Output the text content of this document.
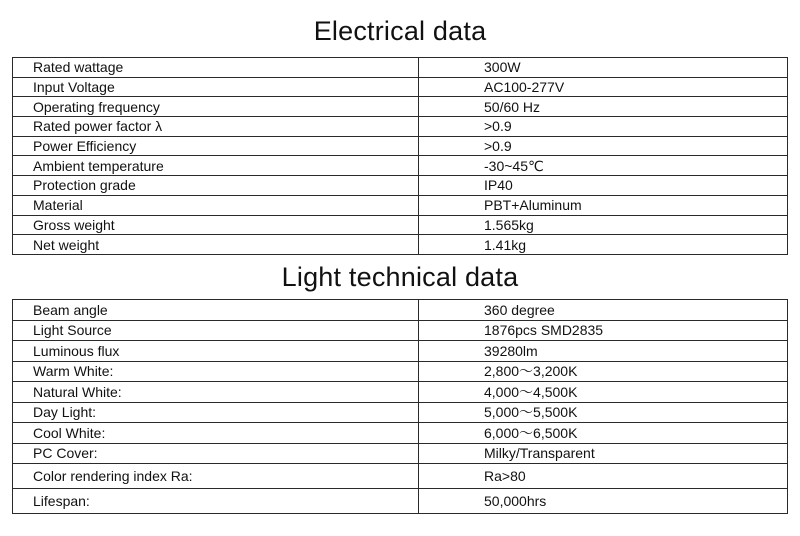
Electrical data
Rated wattage	300W
Input Voltage	AC100-277V
Operating frequency	50/60 Hz
Rated power factor λ	>0.9
Power Efficiency	>0.9
Ambient temperature	-30~45℃
Protection grade	IP40
Material	PBT+Aluminum
Gross weight	1.565kg
Net weight	1.41kg
Light technical data
Beam angle	360 degree
Light Source	1876pcs SMD2835
Luminous flux	39280lm
Warm White:	2,800～3,200K
Natural White:	4,000～4,500K
Day Light:	5,000～5,500K
Cool White:	6,000～6,500K
PC Cover:	Milky/Transparent
Color rendering index Ra:	Ra>80
Lifespan:	50,000hrs
